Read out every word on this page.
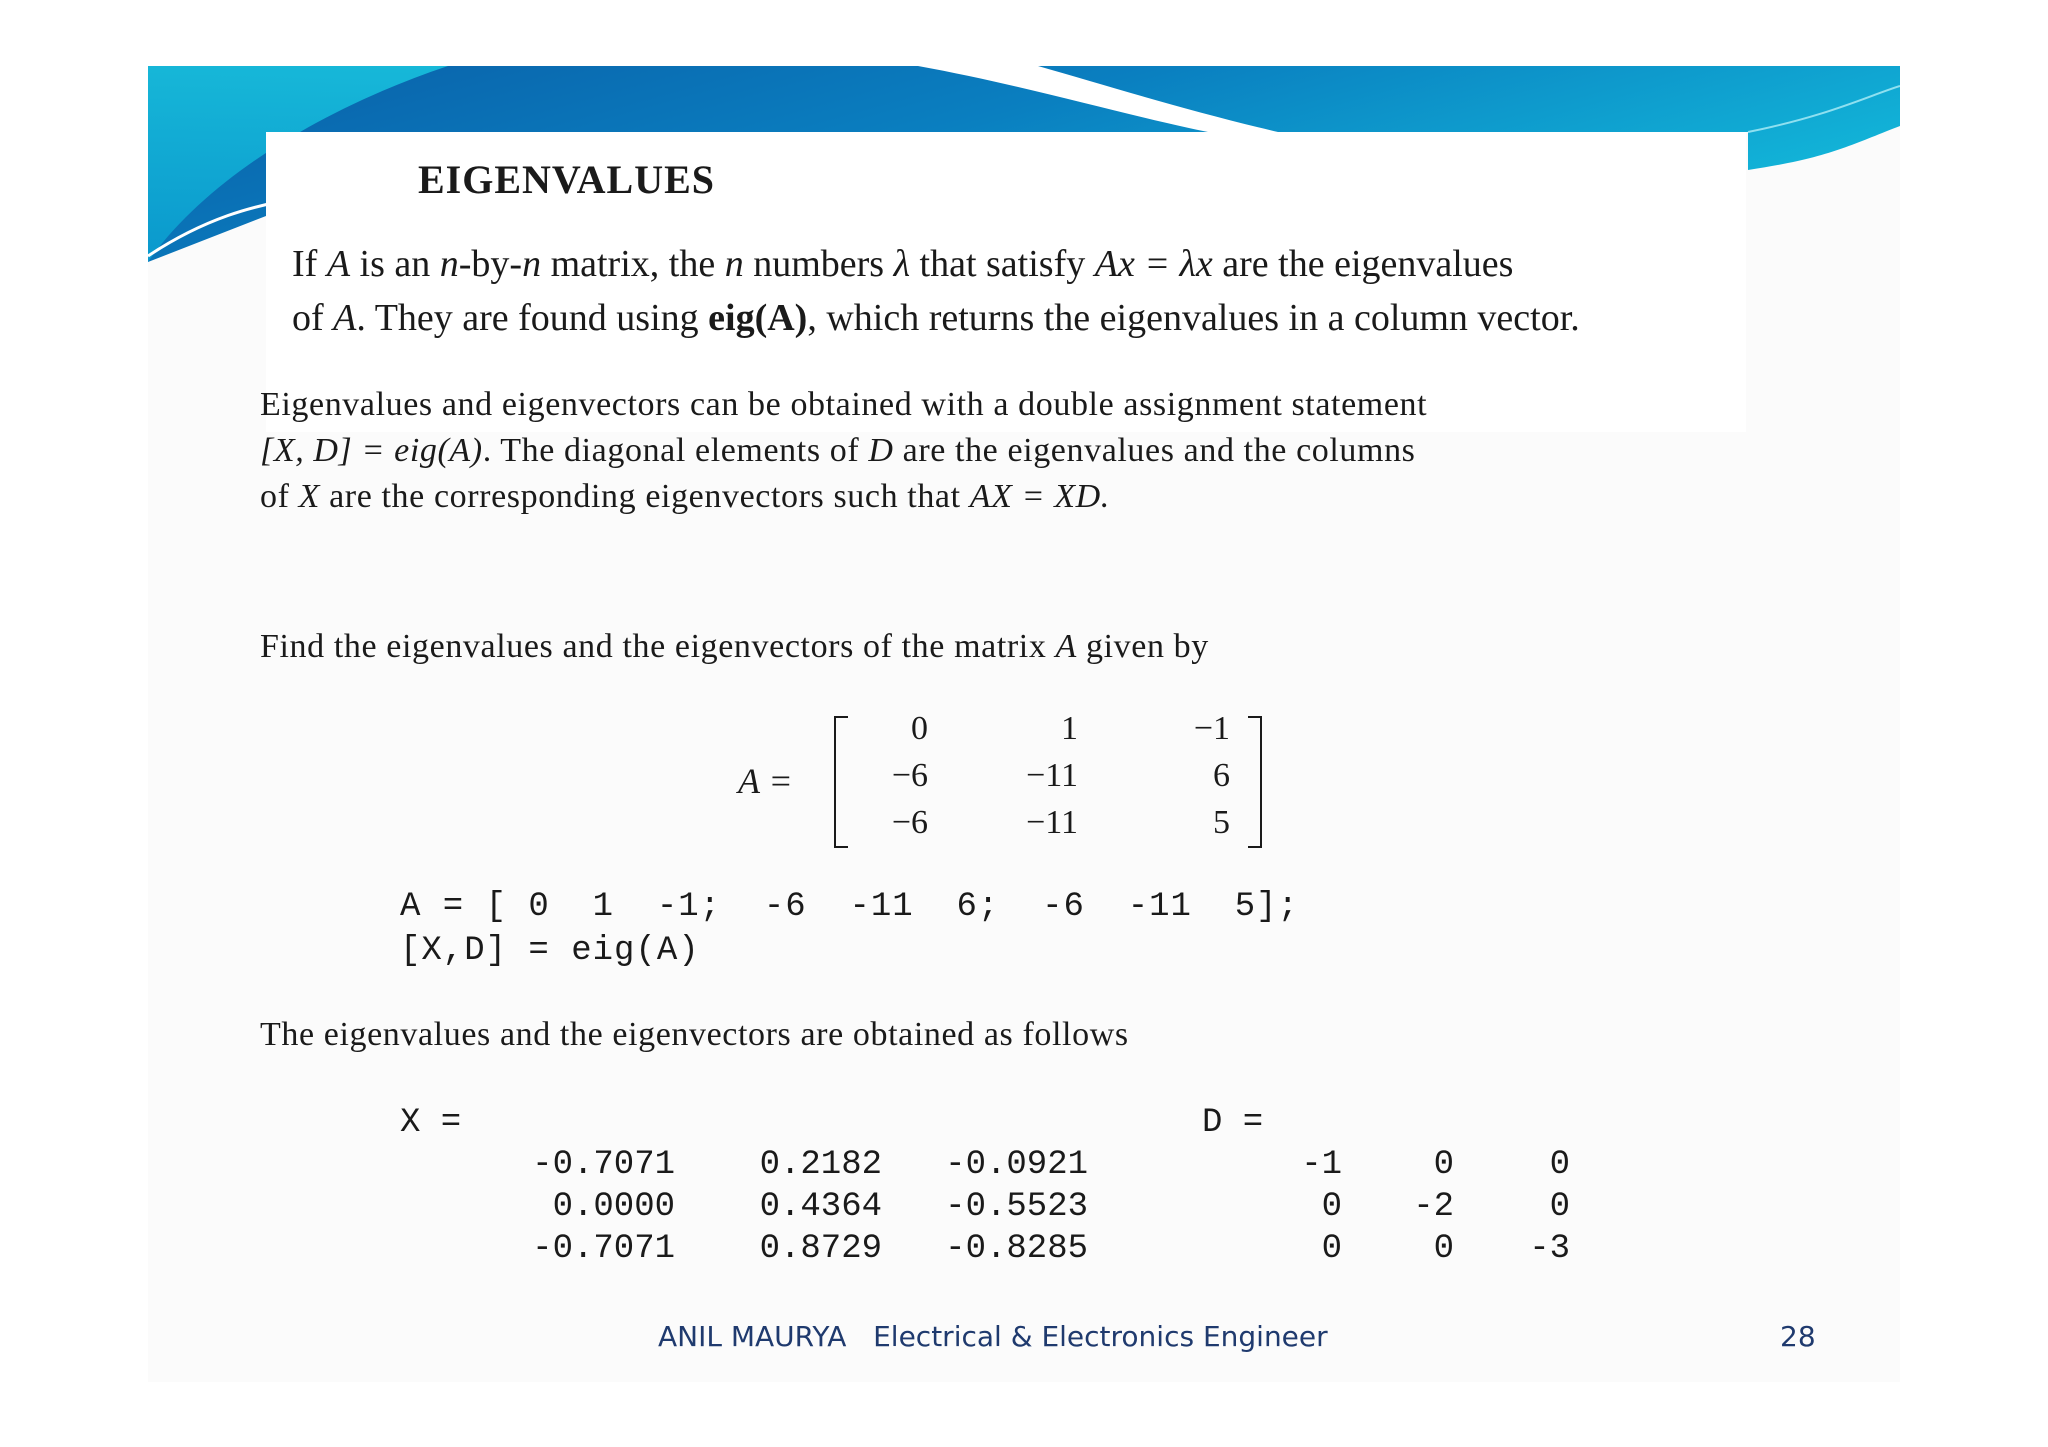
EIGENVALUES
If A is an n-by-n matrix, the n numbers λ that satisfy Ax = λx are the eigenvalues
of A. They are found using eig(A), which returns the eigenvalues in a column vector.
Eigenvalues and eigenvectors can be obtained with a double assignment statement
[X, D] = eig(A). The diagonal elements of D are the eigenvalues and the columns
of X are the corresponding eigenvectors such that AX = XD.
Find the eigenvalues and the eigenvectors of the matrix A given by
A =
0	1	−1
−6	−11	6
−6	−11	5
A = [ 0  1  -1;  -6  -11  6;  -6  -11  5];
[X,D] = eig(A)
The eigenvalues and the eigenvectors are obtained as follows
X =
-0.7071	0.2182	-0.0921
0.0000	0.4364	-0.5523
-0.7071	0.8729	-0.8285
D =
-1	0	0
0	-2	0
0	0	-3
ANIL MAURYA   Electrical & Electronics Engineer	28
